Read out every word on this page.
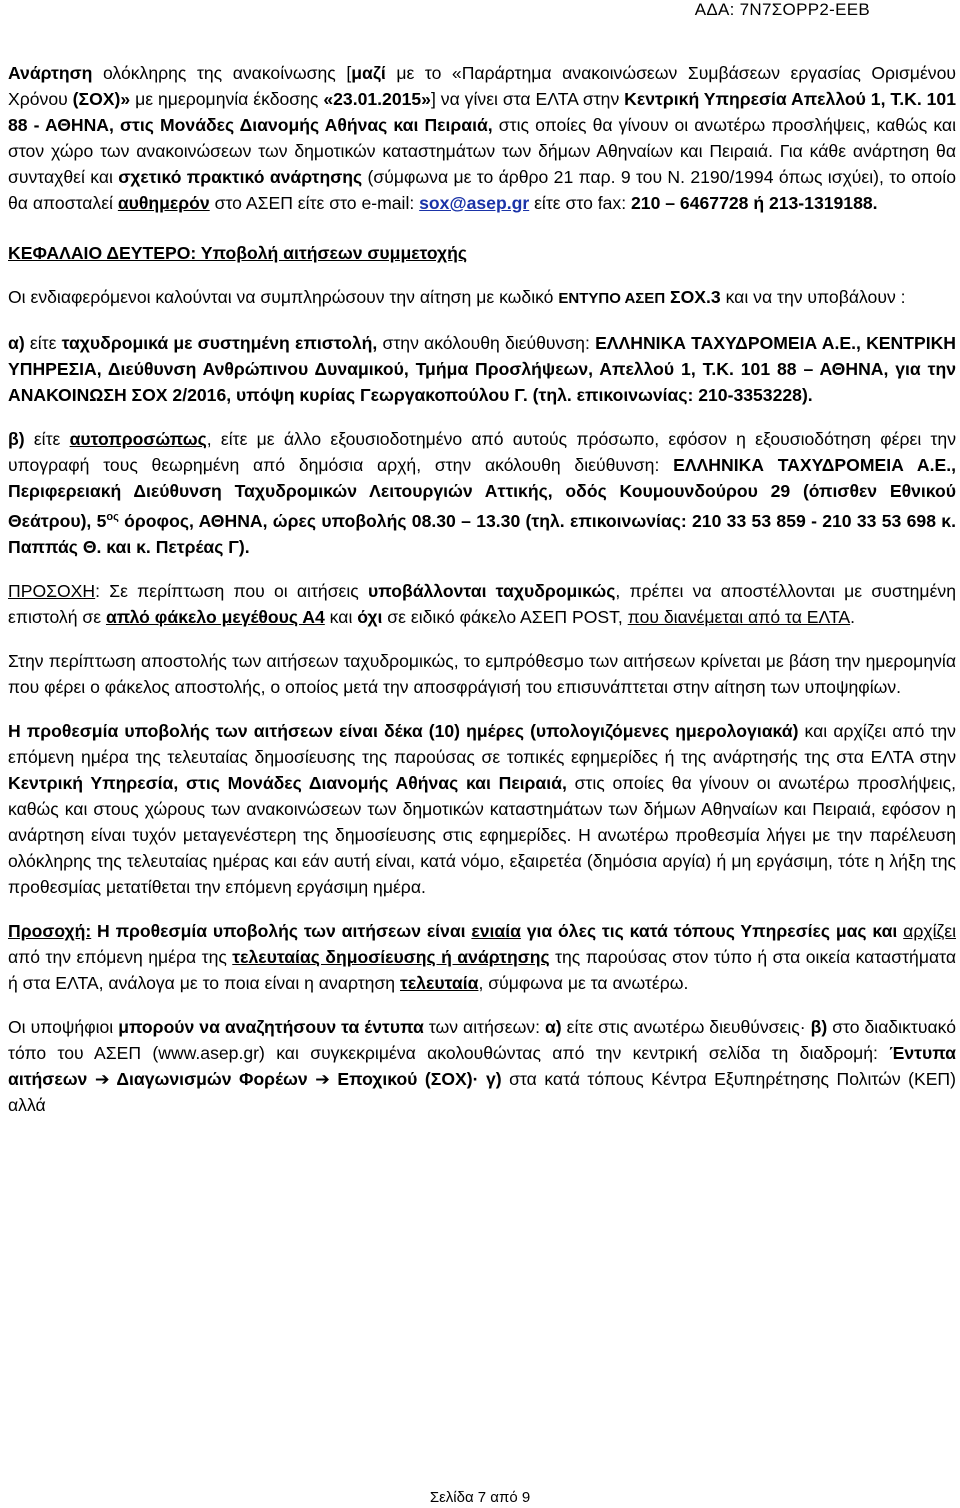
ΑΔΑ: 7Ν7ΣΟΡΡ2-ΕΕΒ

Ανάρτηση ολόκληρης της ανακοίνωσης [μαζί με το «Παράρτημα ανακοινώσεων Συμβάσεων εργασίας Ορισμένου Χρόνου (ΣΟΧ)» με ημερομηνία έκδοσης «23.01.2015»] να γίνει στα ΕΛΤΑ στην Κεντρική Υπηρεσία Απελλού 1, Τ.Κ. 101 88 - ΑΘΗΝΑ, στις Μονάδες Διανομής Αθήνας και Πειραιά, στις οποίες θα γίνουν οι ανωτέρω προσλήψεις, καθώς και στον χώρο των ανακοινώσεων των δημοτικών καταστημάτων των δήμων Αθηναίων και Πειραιά. Για κάθε ανάρτηση θα συνταχθεί και σχετικό πρακτικό ανάρτησης (σύμφωνα με το άρθρο 21 παρ. 9 του Ν. 2190/1994 όπως ισχύει), το οποίο θα αποσταλεί αυθημερόν στο ΑΣΕΠ είτε στο e-mail: sox@asep.gr είτε στο fax: 210 – 6467728 ή 213-1319188.

ΚΕΦΑΛΑΙΟ ΔΕΥΤΕΡΟ: Υποβολή αιτήσεων συμμετοχής

Οι ενδιαφερόμενοι καλούνται να συμπληρώσουν την αίτηση με κωδικό ΕΝΤΥΠΟ ΑΣΕΠ ΣΟΧ.3 και να την υποβάλουν :

α) είτε ταχυδρομικά με συστημένη επιστολή, στην ακόλουθη διεύθυνση: ΕΛΛΗΝΙΚΑ ΤΑΧΥΔΡΟΜΕΙΑ Α.Ε., ΚΕΝΤΡΙΚΗ ΥΠΗΡΕΣΙΑ, Διεύθυνση Ανθρώπινου Δυναμικού, Τμήμα Προσλήψεων, Απελλού 1, Τ.Κ. 101 88 – ΑΘΗΝΑ, για την ΑΝΑΚΟΙΝΩΣΗ ΣΟΧ 2/2016, υπόψη κυρίας Γεωργακοπούλου Γ. (τηλ. επικοινωνίας: 210-3353228).

β) είτε αυτοπροσώπως, είτε με άλλο εξουσιοδοτημένο από αυτούς πρόσωπο, εφόσον η εξουσιοδότηση φέρει την υπογραφή τους θεωρημένη από δημόσια αρχή, στην ακόλουθη διεύθυνση: ΕΛΛΗΝΙΚΑ ΤΑΧΥΔΡΟΜΕΙΑ Α.Ε., Περιφερειακή Διεύθυνση Ταχυδρομικών Λειτουργιών Αττικής, οδός Κουμουνδούρου 29 (όπισθεν Εθνικού Θεάτρου), $5^{o\varsigma}$ όροφος, ΑΘΗΝΑ, ώρες υποβολής 08.30 – 13.30 (τηλ. επικοινωνίας: 210 33 53 859 - 210 33 53 698 κ. Παππάς Θ. και κ. Πετρέας Γ).

ΠΡΟΣΟΧΗ: Σε περίπτωση που οι αιτήσεις υποβάλλονται ταχυδρομικώς, πρέπει να αποστέλλονται με συστημένη επιστολή σε απλό φάκελο μεγέθους Α4 και όχι σε ειδικό φάκελο ΑΣΕΠ POST, που διανέμεται από τα ΕΛΤΑ.

Στην περίπτωση αποστολής των αιτήσεων ταχυδρομικώς, το εμπρόθεσμο των αιτήσεων κρίνεται με βάση την ημερομηνία που φέρει ο φάκελος αποστολής, ο οποίος μετά την αποσφράγισή του επισυνάπτεται στην αίτηση των υποψηφίων.

Η προθεσμία υποβολής των αιτήσεων είναι δέκα (10) ημέρες (υπολογιζόμενες ημερολογιακά) και αρχίζει από την επόμενη ημέρα της τελευταίας δημοσίευσης της παρούσας σε τοπικές εφημερίδες ή της ανάρτησής της στα ΕΛΤΑ στην Κεντρική Υπηρεσία, στις Μονάδες Διανομής Αθήνας και Πειραιά, στις οποίες θα γίνουν οι ανωτέρω προσλήψεις, καθώς και στους χώρους των ανακοινώσεων των δημοτικών καταστημάτων των δήμων Αθηναίων και Πειραιά, εφόσον η ανάρτηση είναι τυχόν μεταγενέστερη της δημοσίευσης στις εφημερίδες. Η ανωτέρω προθεσμία λήγει με την παρέλευση ολόκληρης της τελευταίας ημέρας και εάν αυτή είναι, κατά νόμο, εξαιρετέα (δημόσια αργία) ή μη εργάσιμη, τότε η λήξη της προθεσμίας μετατίθεται την επόμενη εργάσιμη ημέρα.

Προσοχή: Η προθεσμία υποβολής των αιτήσεων είναι ενιαία για όλες τις κατά τόπους Υπηρεσίες μας και αρχίζει από την επόμενη ημέρα της τελευταίας δημοσίευσης ή ανάρτησης της παρούσας στον τύπο ή στα οικεία καταστήματα ή στα ΕΛΤΑ, ανάλογα με το ποια είναι η αναρτηση τελευταία, σύμφωνα με τα ανωτέρω.

Οι υποψήφιοι μπορούν να αναζητήσουν τα έντυπα των αιτήσεων: α) είτε στις ανωτέρω διευθύνσεις· β) στο διαδικτυακό τόπο του ΑΣΕΠ (www.asep.gr) και συγκεκριμένα ακολουθώντας από την κεντρική σελίδα τη διαδρομή: Έντυπα αιτήσεων ➔ Διαγωνισμών Φορέων ➔ Εποχικού (ΣΟΧ)· γ) στα κατά τόπους Κέντρα Εξυπηρέτησης Πολιτών (ΚΕΠ) αλλά

Σελίδα 7 από 9
